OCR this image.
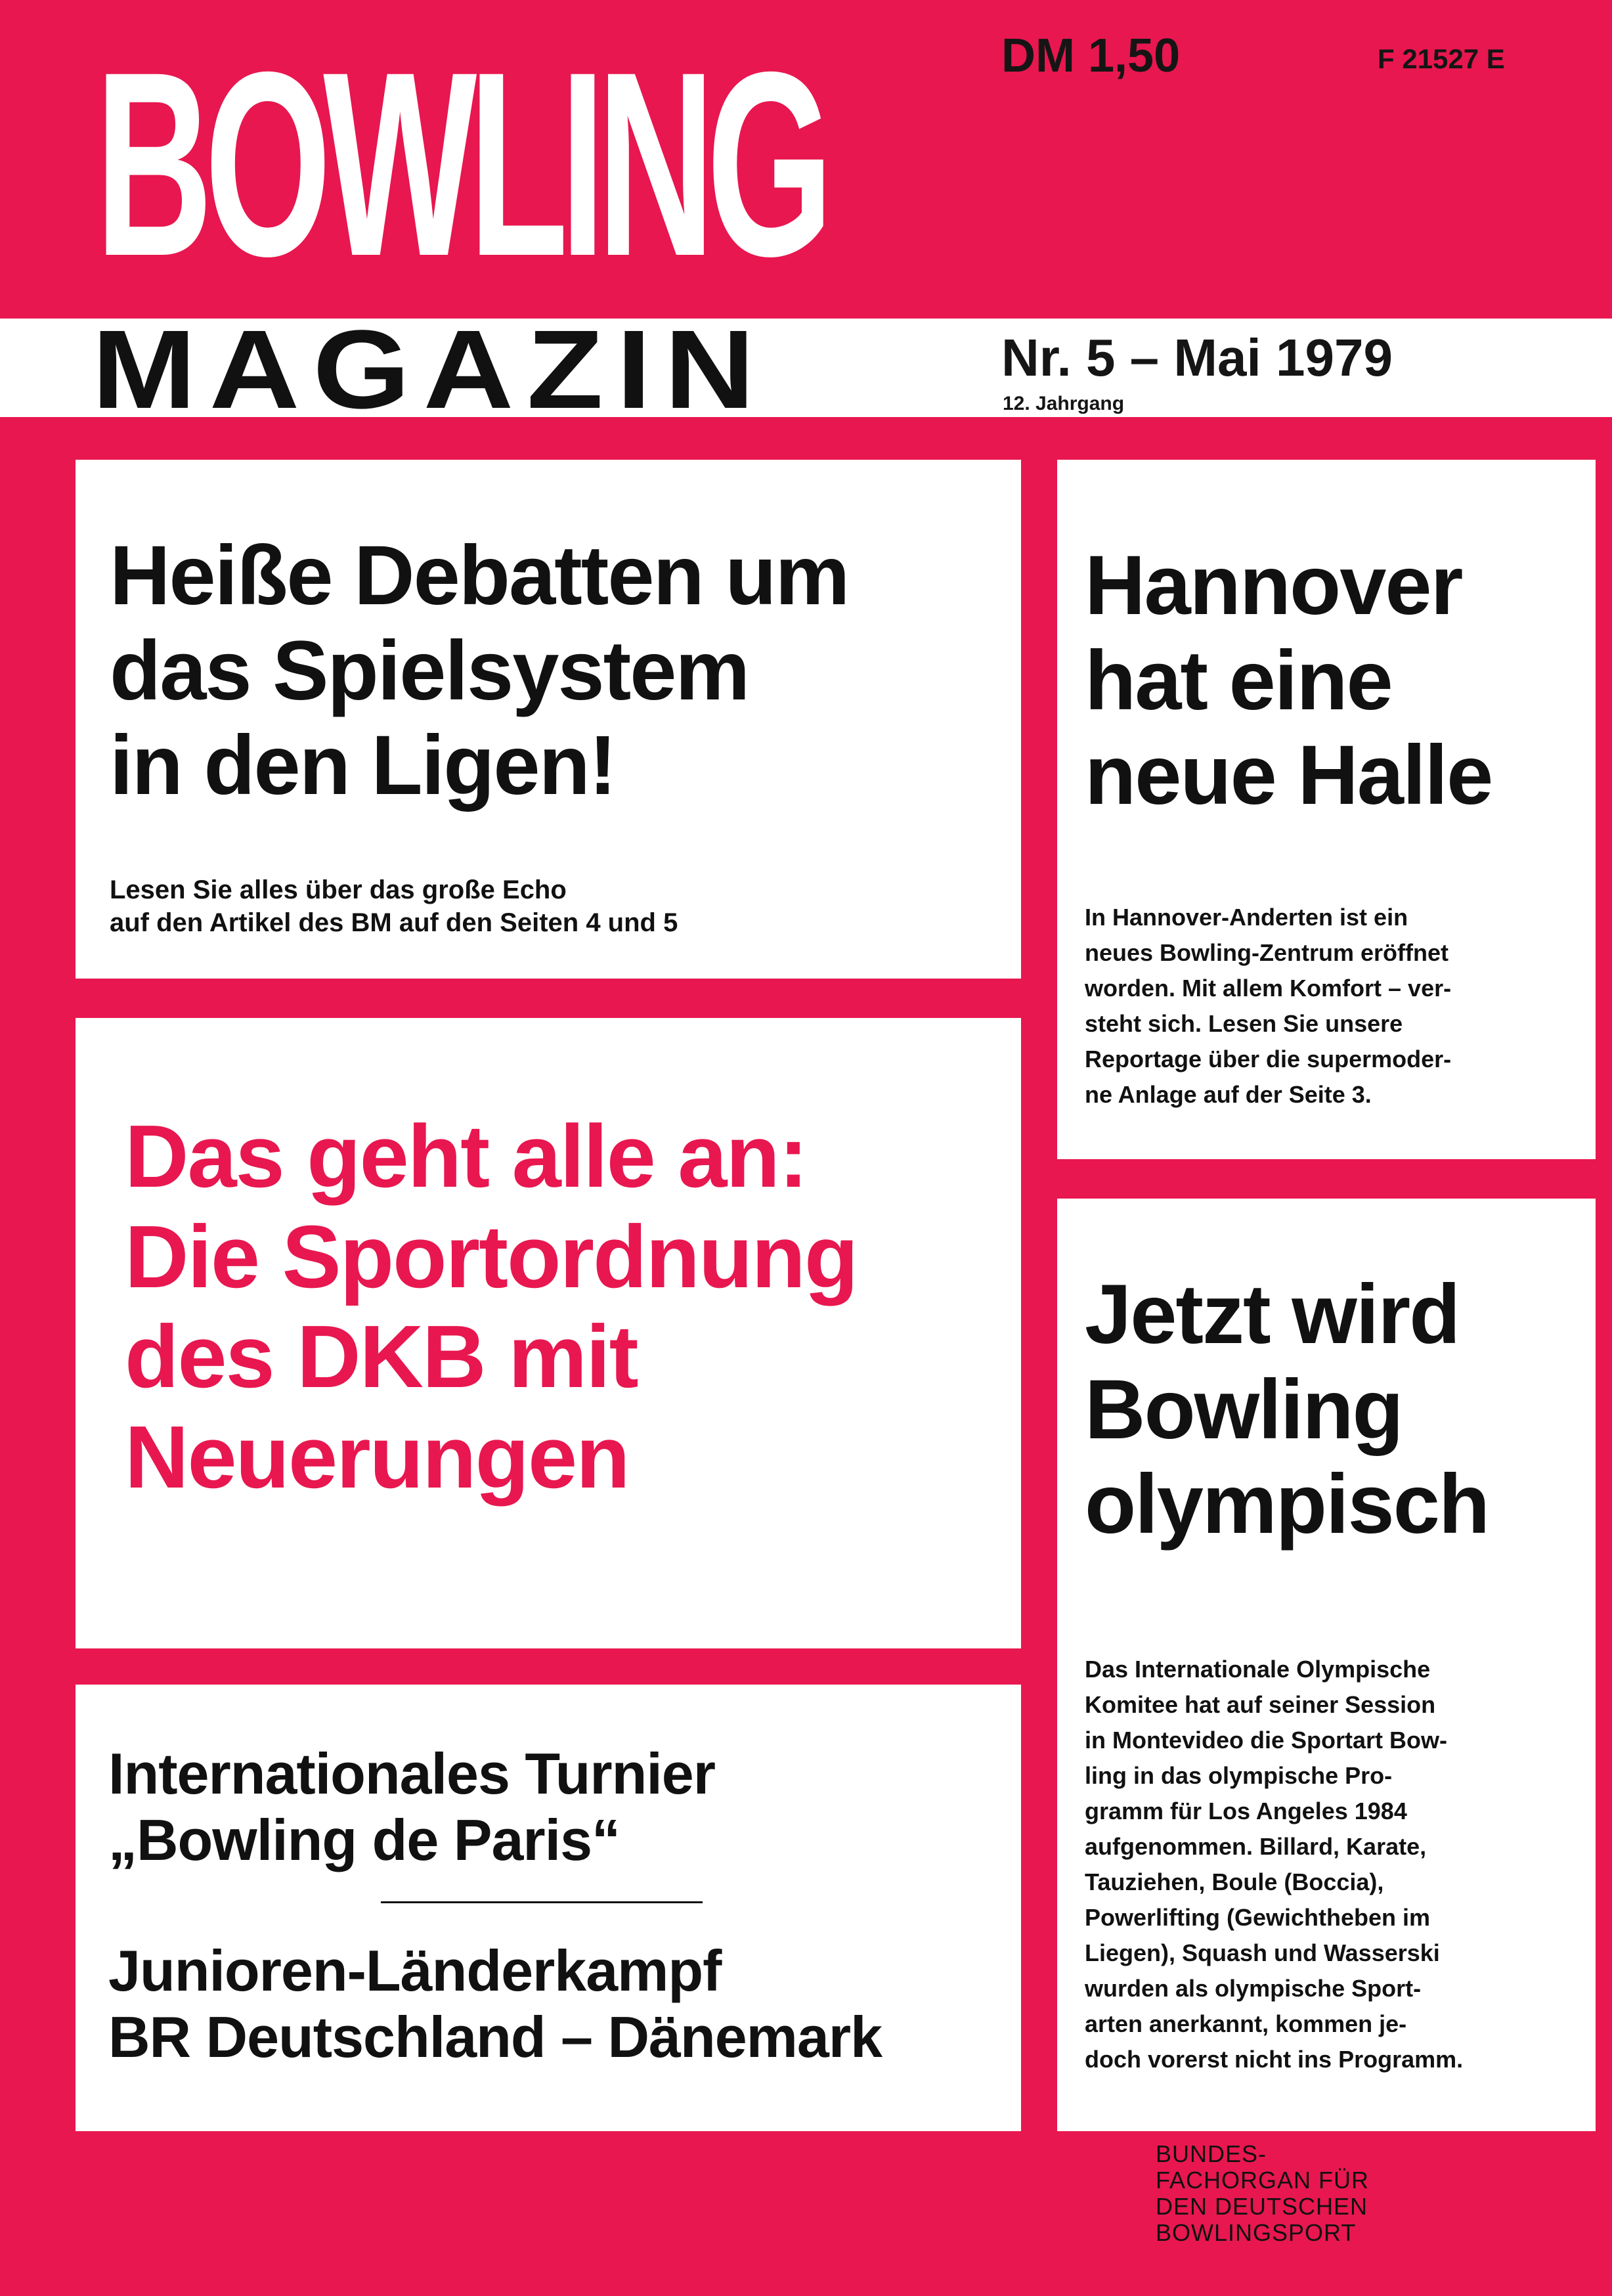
BOWLING	DM 1,50	F 21527 E
MAGAZIN	Nr. 5 – Mai 1979
12. Jahrgang
Heiße Debatten um
das Spielsystem
in den Ligen!
Lesen Sie alles über das große Echo
auf den Artikel des BM auf den Seiten 4 und 5
Hannover
hat eine
neue Halle
In Hannover-Anderten ist ein
neues Bowling-Zentrum eröffnet
worden. Mit allem Komfort – ver-
steht sich. Lesen Sie unsere
Reportage über die supermoder-
ne Anlage auf der Seite 3.
Das geht alle an:
Die Sportordnung
des DKB mit
Neuerungen
Jetzt wird
Bowling
olympisch
Das Internationale Olympische
Komitee hat auf seiner Session
in Montevideo die Sportart Bow-
ling in das olympische Pro-
gramm für Los Angeles 1984
aufgenommen. Billard, Karate,
Tauziehen, Boule (Boccia),
Powerlifting (Gewichtheben im
Liegen), Squash und Wasserski
wurden als olympische Sport-
arten anerkannt, kommen je-
doch vorerst nicht ins Programm.
Internationales Turnier
„Bowling de Paris“
Junioren-Länderkampf
BR Deutschland – Dänemark
BUNDES-
FACHORGAN FÜR
DEN DEUTSCHEN
BOWLINGSPORT
